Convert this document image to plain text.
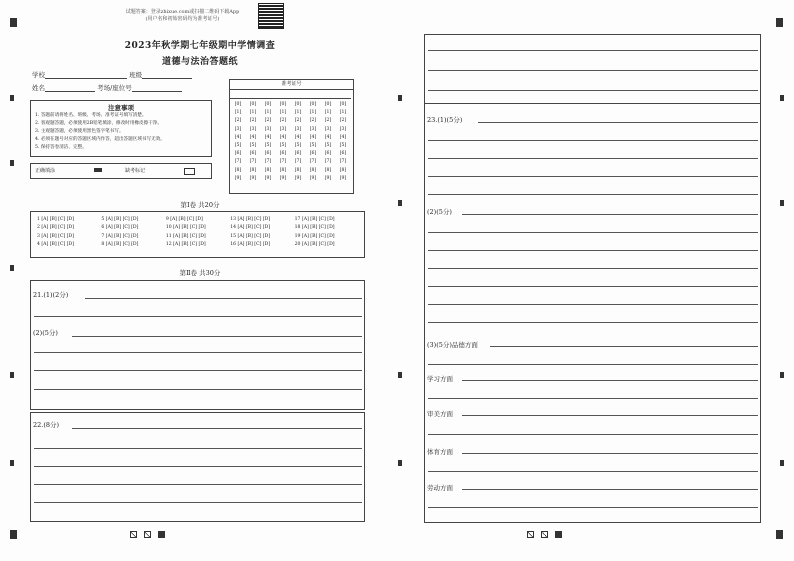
试题答案：登录zhixue.com或扫描二维码下载App
(用户名和初始密码均为准考证号)
2023年秋学期七年级期中学情调查
道德与法治答题纸
学校	班级
姓名	考场/座位号
注意事项
1. 答题前请将姓名、班级、考场、准考证号填写清楚。
2. 客观题答题，必须使用2B铅笔填涂，修改时用橡皮擦干净。
3. 主观题答题，必须使用黑色签字笔书写。
4. 必须在题号对应的答题区域内作答，超出答题区域书写无效。
5. 保持答卷清洁、完整。
正确填涂	缺考标记
准考证号
[0]	[0]	[0]	[0]	[0]	[0]	[0]	[0]
[1]	[1]	[1]	[1]	[1]	[1]	[1]	[1]
[2]	[2]	[2]	[2]	[2]	[2]	[2]	[2]
[3]	[3]	[3]	[3]	[3]	[3]	[3]	[3]
[4]	[4]	[4]	[4]	[4]	[4]	[4]	[4]
[5]	[5]	[5]	[5]	[5]	[5]	[5]	[5]
[6]	[6]	[6]	[6]	[6]	[6]	[6]	[6]
[7]	[7]	[7]	[7]	[7]	[7]	[7]	[7]
[8]	[8]	[8]	[8]	[8]	[8]	[8]	[8]
[9]	[9]	[9]	[9]	[9]	[9]	[9]	[9]
第Ⅰ卷 共20分
1 [A] [B] [C] [D]	5 [A] [B] [C] [D]	9 [A] [B] [C] [D]	13 [A] [B] [C] [D]	17 [A] [B] [C] [D]
2 [A] [B] [C] [D]	6 [A] [B] [C] [D]	10 [A] [B] [C] [D]	14 [A] [B] [C] [D]	18 [A] [B] [C] [D]
3 [A] [B] [C] [D]	7 [A] [B] [C] [D]	11 [A] [B] [C] [D]	15 [A] [B] [C] [D]	19 [A] [B] [C] [D]
4 [A] [B] [C] [D]	8 [A] [B] [C] [D]	12 [A] [B] [C] [D]	16 [A] [B] [C] [D]	20 [A] [B] [C] [D]
第Ⅱ卷 共30分
21.(1)(2分)
(2)(5分)
22.(8分)
23.(1)(5分)
(2)(5分)
(3)(5分)品德方面
学习方面
审美方面
体育方面
劳动方面
